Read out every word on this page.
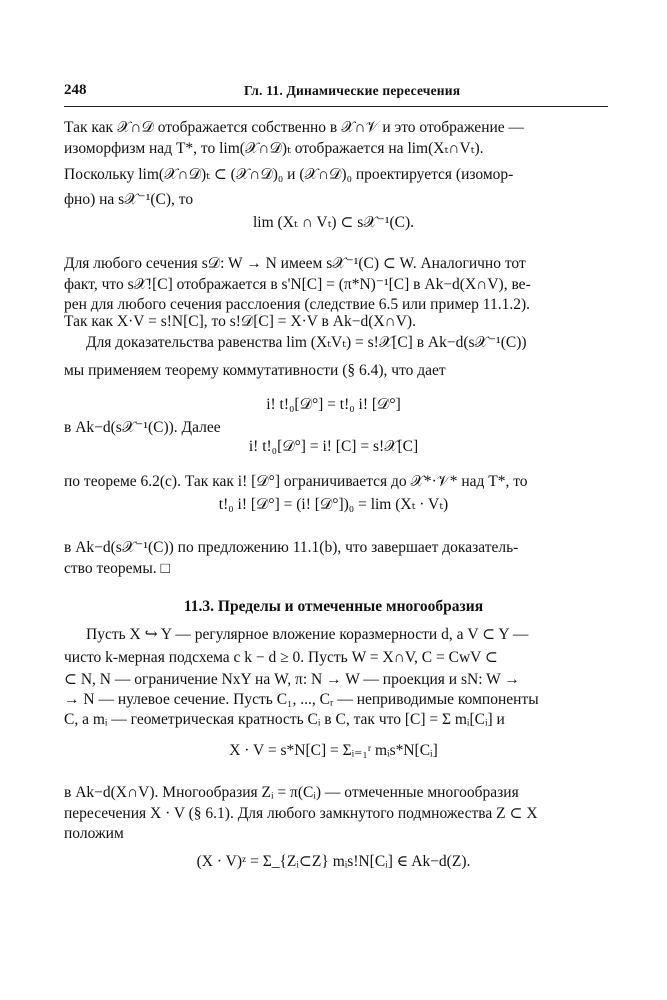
248	Гл. 11. Динамические пересечения
Так как 𝒳∩𝒟 отображается собственно в 𝒳∩𝒱 и это отображение —
изоморфизм над T*, то lim(𝒳∩𝒟)ₜ отображается на lim(Xₜ∩Vₜ).
Поскольку lim(𝒳∩𝒟)ₜ ⊂ (𝒳∩𝒟)₀ и (𝒳∩𝒟)₀ проектируется (изомор-
фно) на s𝒳⁻¹(C), то
lim (Xₜ ∩ Vₜ) ⊂ s𝒳⁻¹(C).
Для любого сечения s𝒟: W → N имеем s𝒳⁻¹(C) ⊂ W. Аналогично тот
факт, что s𝒳![C] отображается в s'N[C] = (π*N)⁻¹[C] в Ak−d(X∩V), ве-
рен для любого сечения расслоения (следствие 6.5 или пример 11.1.2).
Так как X·V = s!N[C], то s!𝒟[C] = X·V в Ak−d(X∩V).
Для доказательства равенства lim (XₜVₜ) = s!𝒳[C] в Ak−d(s𝒳⁻¹(C))
мы применяем теорему коммутативности (§ 6.4), что дает
i! t!₀[𝒟°] = t!₀ i! [𝒟°]
в Ak−d(s𝒳⁻¹(C)). Далее
i! t!₀[𝒟°] = i! [C] = s!𝒳[C]
по теореме 6.2(c). Так как i! [𝒟°] ограничивается до 𝒳*·𝒱* над T*, то
t!₀ i! [𝒟°] = (i! [𝒟°])₀ = lim (Xₜ · Vₜ)
в Ak−d(s𝒳⁻¹(C)) по предложению 11.1(b), что завершает доказатель-
ство теоремы. □
Пусть X ↪ Y — регулярное вложение коразмерности d, а V ⊂ Y —
чисто k-мерная подсхема с k − d ≥ 0. Пусть W = X∩V, C = CwV ⊂
⊂ N, N — ограничение NxY на W, π: N → W — проекция и sN: W →
→ N — нулевое сечение. Пусть C₁, ..., Cᵣ — неприводимые компоненты
C, а mᵢ — геометрическая кратность Cᵢ в C, так что [C] = Σ mᵢ[Cᵢ] и
X · V = s*N[C] = Σᵢ₌₁ʳ mᵢs*N[Cᵢ]
в Ak−d(X∩V). Многообразия Zᵢ = π(Cᵢ) — отмеченные многообразия
пересечения X · V (§ 6.1). Для любого замкнутого подмножества Z ⊂ X
положим
(X · V)ᶻ = Σ_{Zᵢ⊂Z} mᵢs!N[Cᵢ] ∈ Ak−d(Z).
11.3. Пределы и отмеченные многообразия
